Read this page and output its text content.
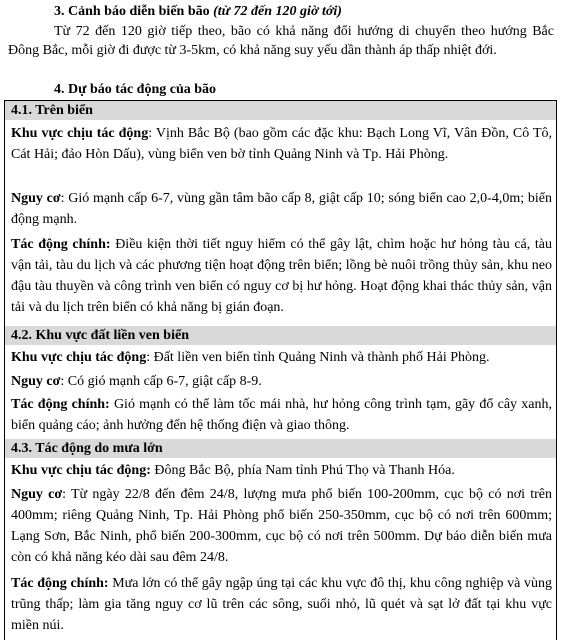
3. Cảnh báo diễn biến bão (từ 72 đến 120 giờ tới)
Từ 72 đến 120 giờ tiếp theo, bão có khả năng đổi hướng di chuyển theo hướng Bắc Đông Bắc, mỗi giờ đi được từ 3-5km, có khả năng suy yếu dần thành áp thấp nhiệt đới.
4. Dự báo tác động của bão
4.1. Trên biển
Khu vực chịu tác động: Vịnh Bắc Bộ (bao gồm các đặc khu: Bạch Long Vĩ, Vân Đồn, Cô Tô, Cát Hải; đảo Hòn Dấu), vùng biển ven bờ tỉnh Quảng Ninh và Tp. Hải Phòng.
Nguy cơ: Gió mạnh cấp 6-7, vùng gần tâm bão cấp 8, giật cấp 10; sóng biển cao 2,0-4,0m; biển động mạnh.
Tác động chính: Điều kiện thời tiết nguy hiểm có thể gây lật, chìm hoặc hư hỏng tàu cá, tàu vận tải, tàu du lịch và các phương tiện hoạt động trên biển; lồng bè nuôi trồng thủy sản, khu neo đậu tàu thuyền và công trình ven biển có nguy cơ bị hư hỏng. Hoạt động khai thác thủy sản, vận tải và du lịch trên biển có khả năng bị gián đoạn.
4.2. Khu vực đất liền ven biển
Khu vực chịu tác động: Đất liền ven biển tỉnh Quảng Ninh và thành phố Hải Phòng.
Nguy cơ: Có gió mạnh cấp 6-7, giật cấp 8-9.
Tác động chính: Gió mạnh có thể làm tốc mái nhà, hư hỏng công trình tạm, gãy đổ cây xanh, biển quảng cáo; ảnh hưởng đến hệ thống điện và giao thông.
4.3. Tác động do mưa lớn
Khu vực chịu tác động: Đông Bắc Bộ, phía Nam tỉnh Phú Thọ và Thanh Hóa.
Nguy cơ: Từ ngày 22/8 đến đêm 24/8, lượng mưa phổ biến 100-200mm, cục bộ có nơi trên 400mm; riêng Quảng Ninh, Tp. Hải Phòng phổ biến 250-350mm, cục bộ có nơi trên 600mm; Lạng Sơn, Bắc Ninh, phổ biến 200-300mm, cục bộ có nơi trên 500mm. Dự báo diễn biến mưa còn có khả năng kéo dài sau đêm 24/8.
Tác động chính: Mưa lớn có thể gây ngập úng tại các khu vực đô thị, khu công nghiệp và vùng trũng thấp; làm gia tăng nguy cơ lũ trên các sông, suối nhỏ, lũ quét và sạt lở đất tại khu vực miền núi.
